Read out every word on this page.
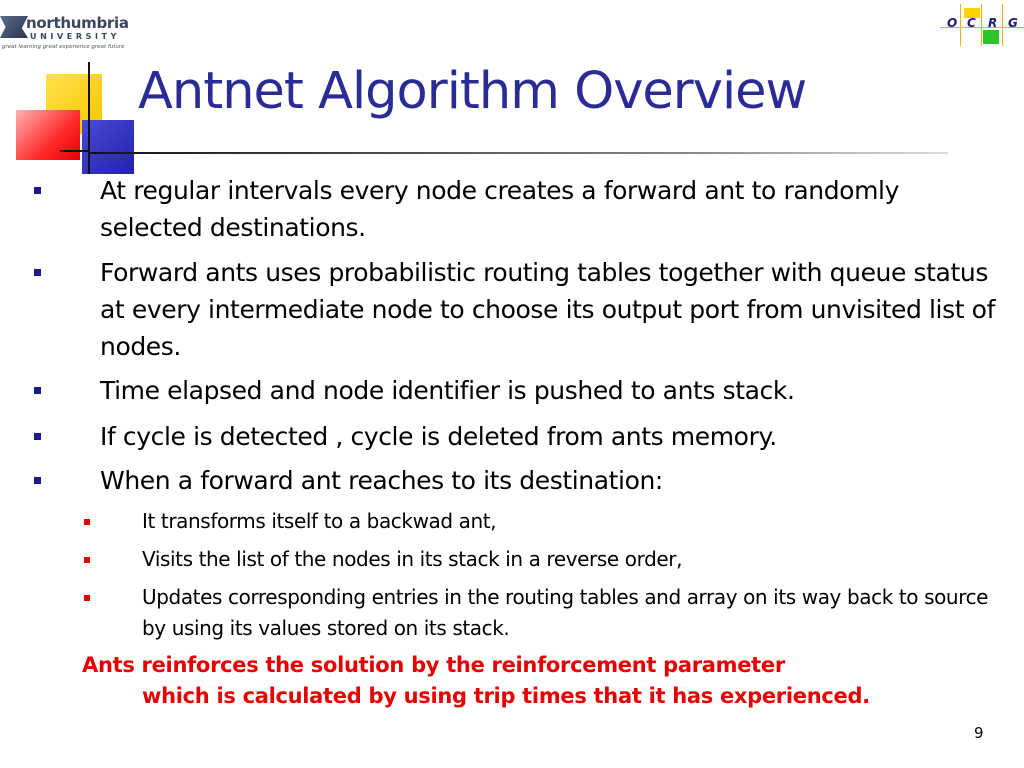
northumbria
UNIVERSITY
great learning great experience great future
O C R G
Antnet Algorithm Overview
At regular intervals every node creates a forward ant to randomly selected destinations.
Forward ants uses probabilistic routing tables together with queue status at every intermediate node to choose its output port from unvisited list of nodes.
Time elapsed and node identifier is pushed to ants stack.
If cycle is detected , cycle is deleted from ants memory.
When a forward ant reaches to its destination:
It transforms itself to a backwad ant,
Visits the list of the nodes in its stack in a reverse order,
Updates corresponding entries in the routing tables and array on its way back to source by using its values stored on its stack.
Ants reinforces the solution by the reinforcement parameter
which is calculated by using trip times that it has experienced.
9
